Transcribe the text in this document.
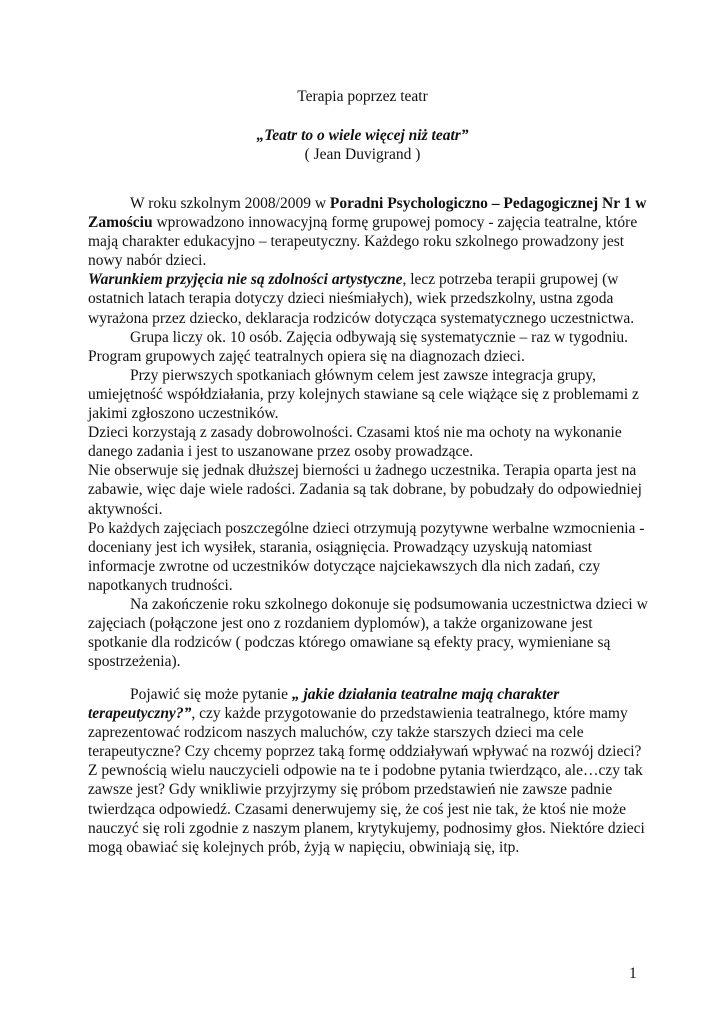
Terapia poprzez teatr
„Teatr to o wiele więcej niż teatr”
( Jean Duvigrand )

W roku szkolnym 2008/2009 w Poradni Psychologiczno – Pedagogicznej Nr 1 w Zamościu wprowadzono innowacyjną formę grupowej pomocy - zajęcia teatralne, które mają charakter edukacyjno – terapeutyczny. Każdego roku szkolnego prowadzony jest nowy nabór dzieci.

Warunkiem przyjęcia nie są zdolności artystyczne, lecz potrzeba terapii grupowej (w ostatnich latach terapia dotyczy dzieci nieśmiałych), wiek przedszkolny, ustna zgoda wyrażona przez dziecko, deklaracja rodziców dotycząca systematycznego uczestnictwa.

Grupa liczy ok. 10 osób. Zajęcia odbywają się systematycznie – raz w tygodniu. Program grupowych zajęć teatralnych opiera się na diagnozach dzieci.

Przy pierwszych spotkaniach głównym celem jest zawsze integracja grupy, umiejętność współdziałania, przy kolejnych stawiane są cele wiążące się z problemami z jakimi zgłoszono uczestników.

Dzieci korzystają z zasady dobrowolności. Czasami ktoś nie ma ochoty na wykonanie danego zadania i jest to uszanowane przez osoby prowadzące.

Nie obserwuje się jednak dłuższej bierności u żadnego uczestnika. Terapia oparta jest na zabawie, więc daje wiele radości. Zadania są tak dobrane, by pobudzały do odpowiedniej aktywności.

Po każdych zajęciach poszczególne dzieci otrzymują pozytywne werbalne wzmocnienia - doceniany jest ich wysiłek, starania, osiągnięcia. Prowadzący uzyskują natomiast informacje zwrotne od uczestników dotyczące najciekawszych dla nich zadań, czy napotkanych trudności.

Na zakończenie roku szkolnego dokonuje się podsumowania uczestnictwa dzieci w zajęciach (połączone jest ono z rozdaniem dyplomów), a także organizowane jest spotkanie dla rodziców ( podczas którego omawiane są efekty pracy, wymieniane są spostrzeżenia).

Pojawić się może pytanie „ jakie działania teatralne mają charakter terapeutyczny?”, czy każde przygotowanie do przedstawienia teatralnego, które mamy zaprezentować rodzicom naszych maluchów, czy także starszych dzieci ma cele terapeutyczne? Czy chcemy poprzez taką formę oddziaływań wpływać na rozwój dzieci?

Z pewnością wielu nauczycieli odpowie na te i podobne pytania twierdząco, ale…czy tak zawsze jest? Gdy wnikliwie przyjrzymy się próbom przedstawień nie zawsze padnie twierdząca odpowiedź. Czasami denerwujemy się, że coś jest nie tak, że ktoś nie może nauczyć się roli zgodnie z naszym planem, krytykujemy, podnosimy głos. Niektóre dzieci mogą obawiać się kolejnych prób, żyją w napięciu, obwiniają się, itp.

1
